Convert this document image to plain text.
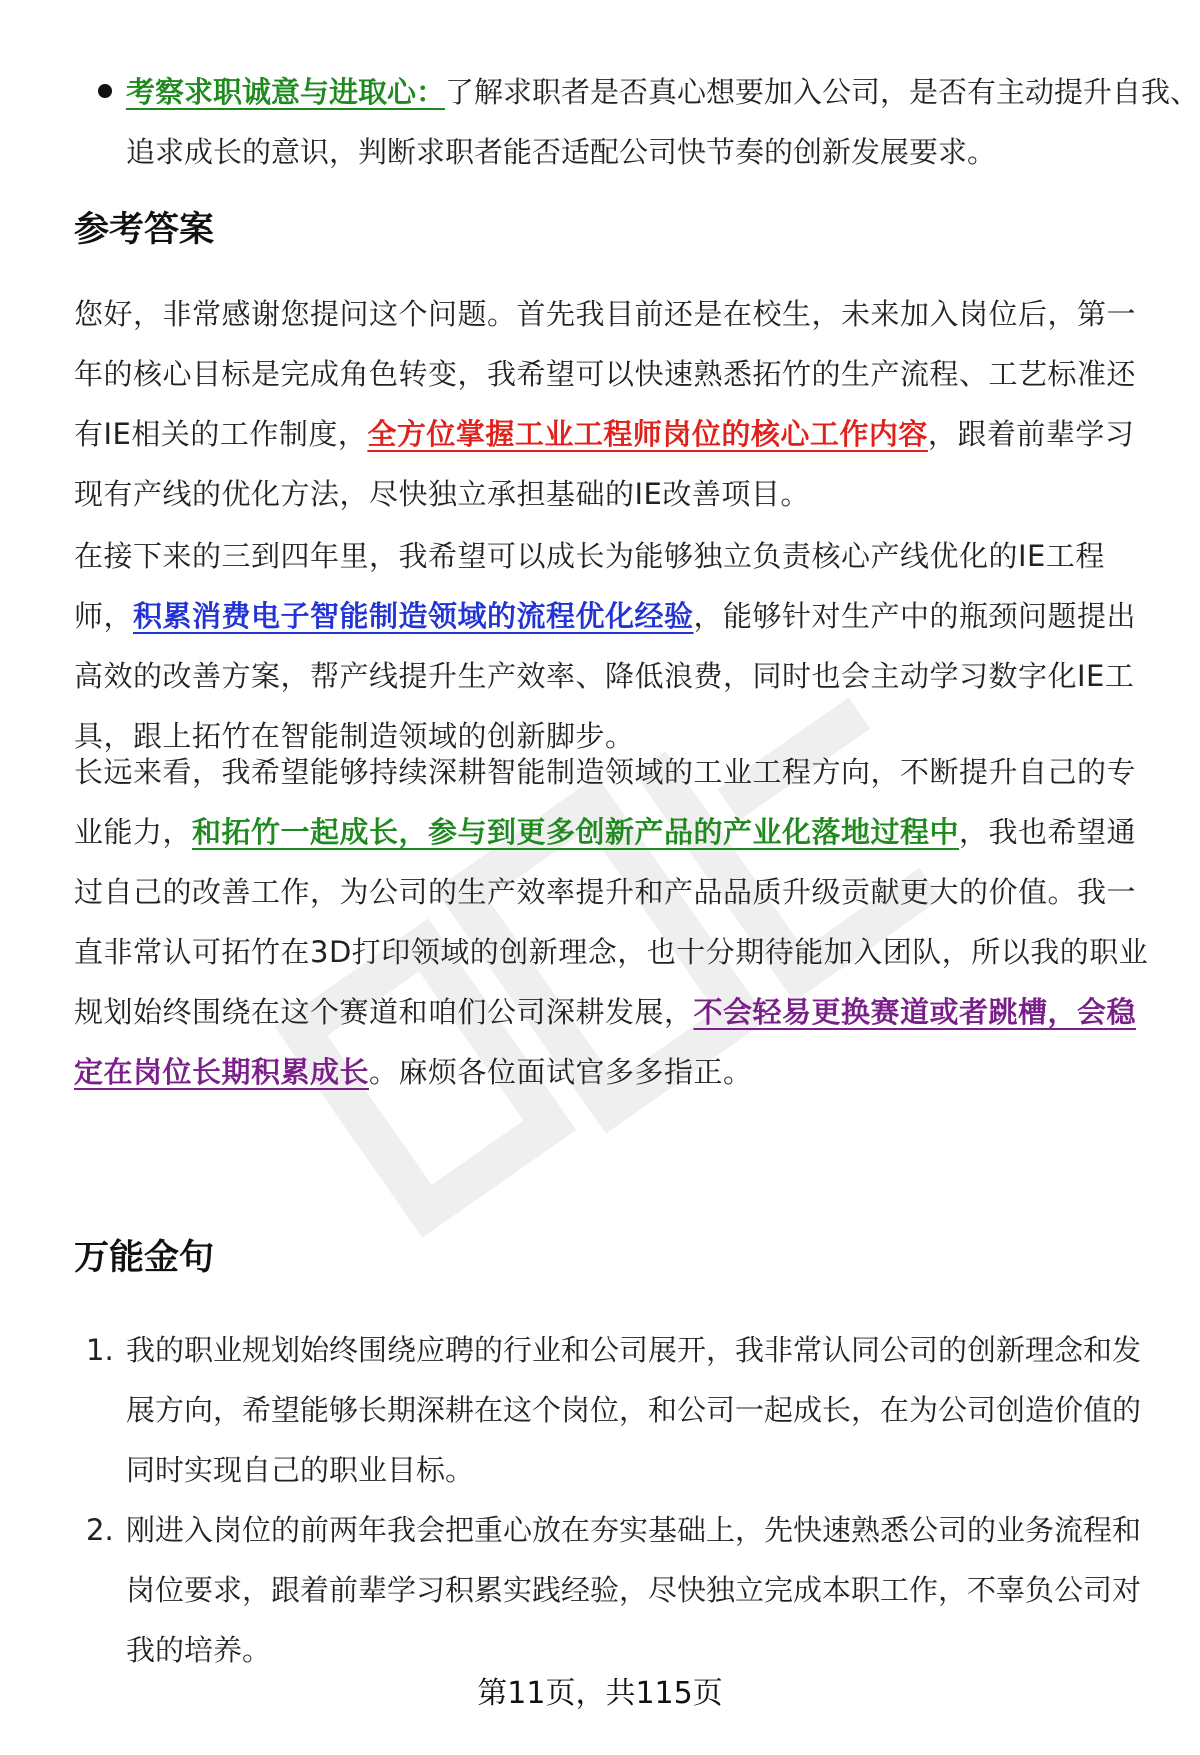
考察求职诚意与进取心：了解求职者是否真心想要加入公司，是否有主动提升自我、追求成长的意识，判断求职者能否适配公司快节奏的创新发展要求。
参考答案
您好，非常感谢您提问这个问题。首先我目前还是在校生，未来加入岗位后，第一年的核心目标是完成角色转变，我希望可以快速熟悉拓竹的生产流程、工艺标准还有IE相关的工作制度，全方位掌握工业工程师岗位的核心工作内容，跟着前辈学习现有产线的优化方法，尽快独立承担基础的IE改善项目。
在接下来的三到四年里，我希望可以成长为能够独立负责核心产线优化的IE工程师，积累消费电子智能制造领域的流程优化经验，能够针对生产中的瓶颈问题提出高效的改善方案，帮产线提升生产效率、降低浪费，同时也会主动学习数字化IE工具，跟上拓竹在智能制造领域的创新脚步。
长远来看，我希望能够持续深耕智能制造领域的工业工程方向，不断提升自己的专业能力，和拓竹一起成长，参与到更多创新产品的产业化落地过程中，我也希望通过自己的改善工作，为公司的生产效率提升和产品品质升级贡献更大的价值。我一直非常认可拓竹在3D打印领域的创新理念，也十分期待能加入团队，所以我的职业规划始终围绕在这个赛道和咱们公司深耕发展，不会轻易更换赛道或者跳槽，会稳定在岗位长期积累成长。麻烦各位面试官多多指正。
万能金句
1. 我的职业规划始终围绕应聘的行业和公司展开，我非常认同公司的创新理念和发展方向，希望能够长期深耕在这个岗位，和公司一起成长，在为公司创造价值的同时实现自己的职业目标。
2. 刚进入岗位的前两年我会把重心放在夯实基础上，先快速熟悉公司的业务流程和岗位要求，跟着前辈学习积累实践经验，尽快独立完成本职工作，不辜负公司对我的培养。
第11页，共115页
